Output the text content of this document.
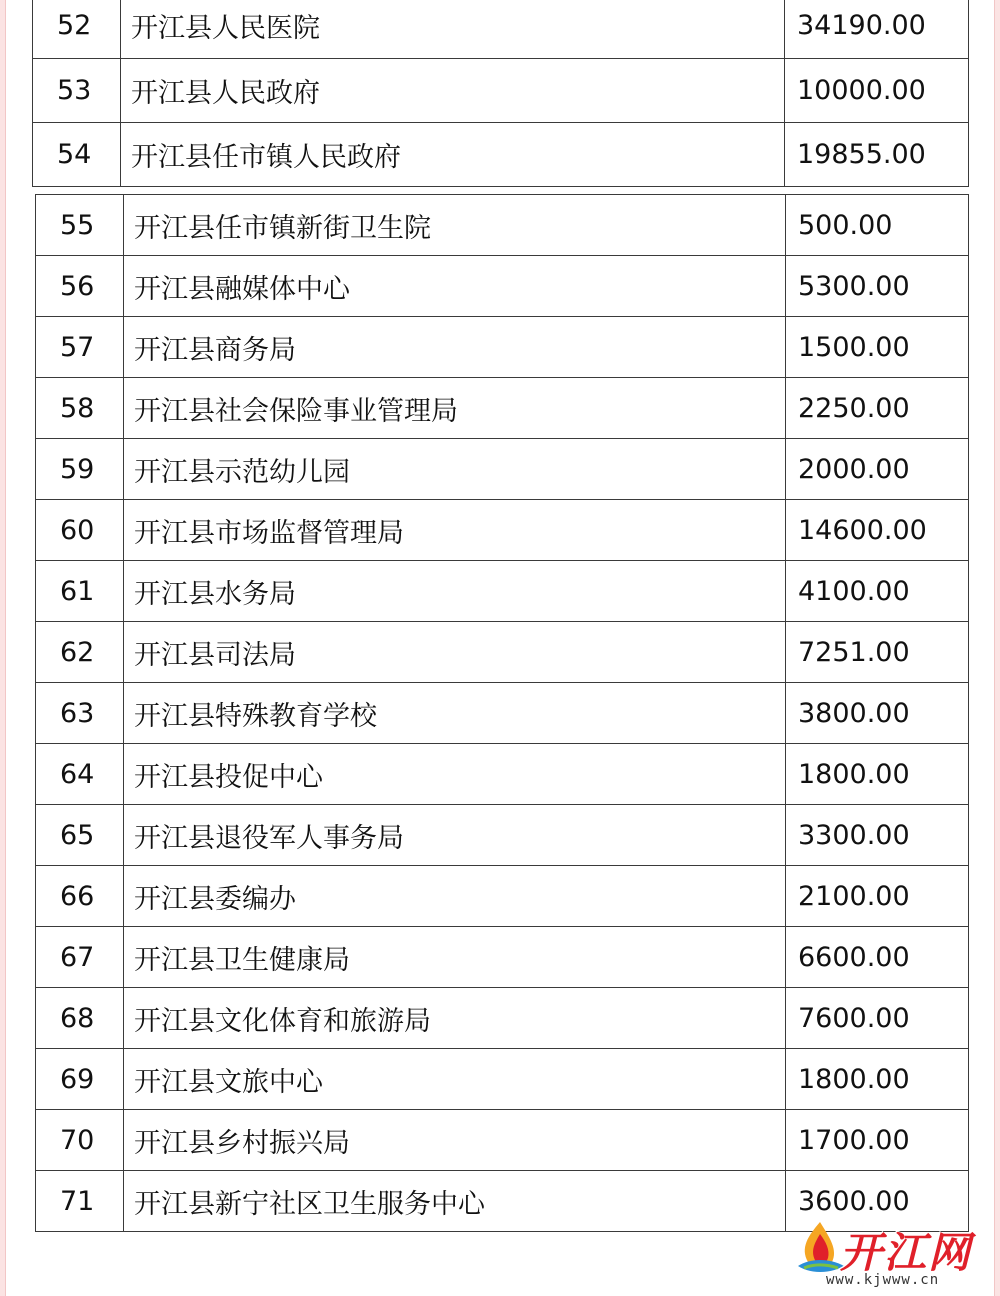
52	开江县人民医院	34190.00
53	开江县人民政府	10000.00
54	开江县任市镇人民政府	19855.00
55	开江县任市镇新街卫生院	500.00
56	开江县融媒体中心	5300.00
57	开江县商务局	1500.00
58	开江县社会保险事业管理局	2250.00
59	开江县示范幼儿园	2000.00
60	开江县市场监督管理局	14600.00
61	开江县水务局	4100.00
62	开江县司法局	7251.00
63	开江县特殊教育学校	3800.00
64	开江县投促中心	1800.00
65	开江县退役军人事务局	3300.00
66	开江县委编办	2100.00
67	开江县卫生健康局	6600.00
68	开江县文化体育和旅游局	7600.00
69	开江县文旅中心	1800.00
70	开江县乡村振兴局	1700.00
71	开江县新宁社区卫生服务中心	3600.00
开江网
www.kjwww.cn
